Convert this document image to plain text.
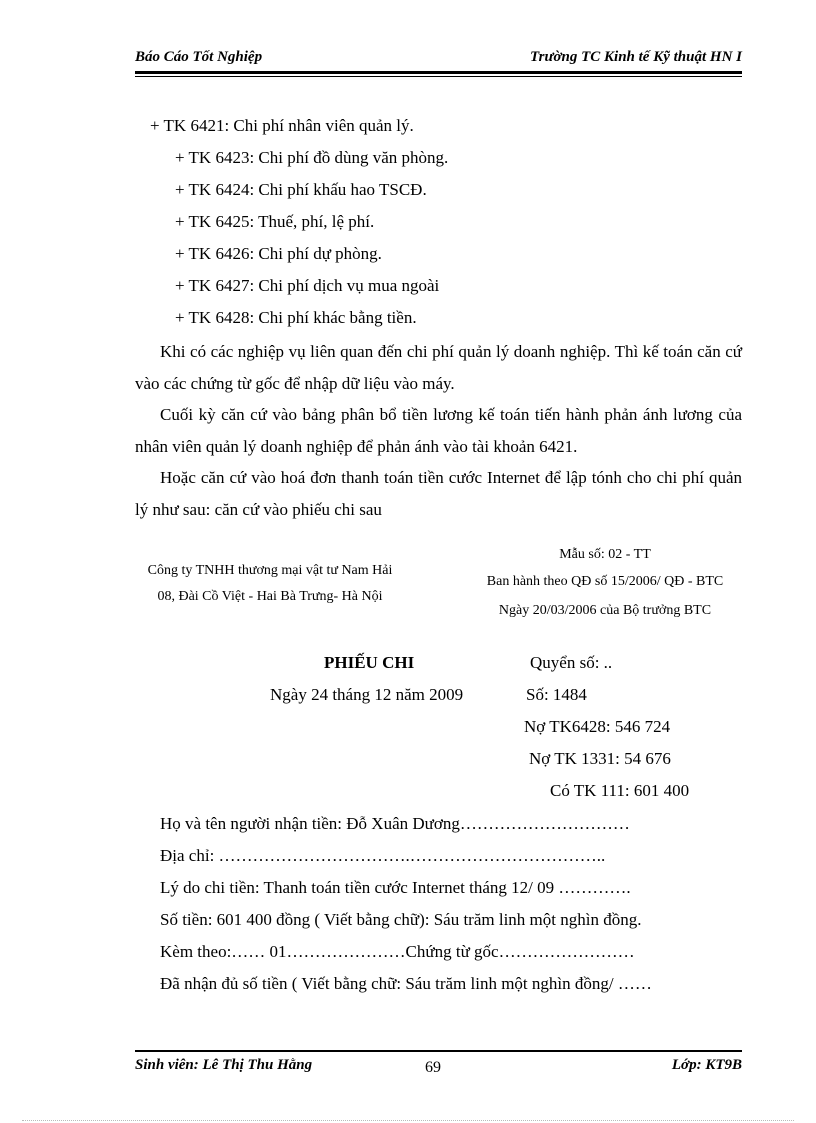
Báo Cáo Tốt Nghiệp	Trường TC Kinh tế Kỹ thuật HN I
+ TK 6421: Chi phí nhân viên quản lý.
+ TK 6423: Chi phí đồ dùng văn phòng.
+ TK 6424: Chi phí khấu hao TSCĐ.
+ TK 6425: Thuế, phí, lệ phí.
+ TK 6426: Chi phí dự phòng.
+ TK 6427: Chi phí dịch vụ mua ngoài
+ TK 6428: Chi phí khác bằng tiền.
Khi có các nghiệp vụ liên quan đến chi phí quản lý doanh nghiệp. Thì kế toán căn cứ vào các chứng từ gốc để nhập dữ liệu vào máy.
Cuối kỳ căn cứ vào bảng phân bổ tiền lương kế toán tiến hành phản ánh lương của nhân viên quản lý doanh nghiệp để phản ánh vào tài khoản 6421.
Hoặc căn cứ vào hoá đơn thanh toán tiền cước Internet để lập tónh cho chi phí quản lý như sau: căn cứ vào phiếu chi sau
Công ty TNHH thương mại vật tư Nam Hải
08, Đài Cồ Việt - Hai Bà Trưng- Hà Nội
Mẫu số: 02 - TT
Ban hành theo QĐ số 15/2006/ QĐ - BTC
Ngày 20/03/2006 của Bộ trưởng BTC
PHIẾU CHI
Ngày 24 tháng 12 năm 2009
Quyển số: ..
Số: 1484
Nợ TK6428: 546 724
Nợ TK 1331: 54 676
Có TK 111: 601 400
Họ và tên người nhận tiền: Đỗ Xuân Dương…………………………
Địa chỉ: …………………………….……………………………..
Lý do chi tiền: Thanh toán tiền cước Internet tháng 12/ 09 ………….
Số tiền: 601 400 đồng ( Viết bằng chữ): Sáu trăm linh một nghìn đồng.
Kèm theo:…… 01…………………Chứng từ gốc……………………
Đã nhận đủ số tiền ( Viết bằng chữ: Sáu trăm linh một nghìn đồng/ ……
Sinh viên: Lê Thị Thu Hằng	69	Lớp: KT9B
